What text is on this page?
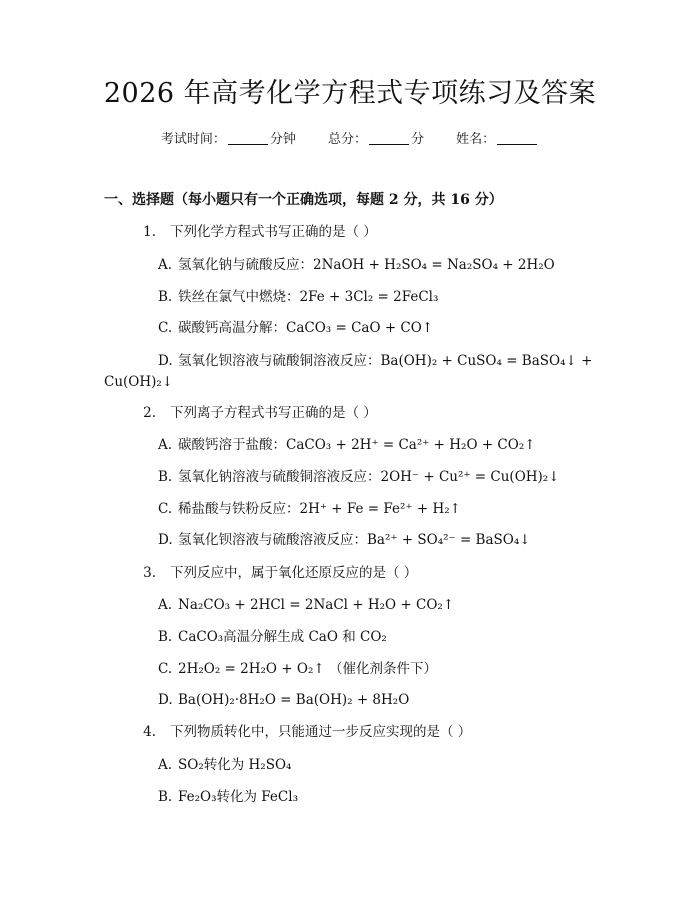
2026 年高考化学方程式专项练习及答案
考试时间：	分钟 总分：	分 姓名：
一、选择题（每小题只有一个正确选项，每题 2 分，共 16 分）
1. 下列化学方程式书写正确的是（ ）
A. 氢氧化钠与硫酸反应：2NaOH + H₂SO₄ = Na₂SO₄ + 2H₂O
B. 铁丝在氯气中燃烧：2Fe + 3Cl₂ = 2FeCl₃
C. 碳酸钙高温分解：CaCO₃ = CaO + CO↑
D. 氢氧化钡溶液与硫酸铜溶液反应：Ba(OH)₂ + CuSO₄ = BaSO₄↓ +
Cu(OH)₂↓
2. 下列离子方程式书写正确的是（ ）
A. 碳酸钙溶于盐酸：CaCO₃ + 2H⁺ = Ca²⁺ + H₂O + CO₂↑
B. 氢氧化钠溶液与硫酸铜溶液反应：2OH⁻ + Cu²⁺ = Cu(OH)₂↓
C. 稀盐酸与铁粉反应：2H⁺ + Fe = Fe²⁺ + H₂↑
D. 氢氧化钡溶液与硫酸溶液反应：Ba²⁺ + SO₄²⁻ = BaSO₄↓
3. 下列反应中，属于氧化还原反应的是（ ）
A. Na₂CO₃ + 2HCl = 2NaCl + H₂O + CO₂↑
B. CaCO₃高温分解生成 CaO 和 CO₂
C. 2H₂O₂ = 2H₂O + O₂↑ （催化剂条件下）
D. Ba(OH)₂·8H₂O = Ba(OH)₂ + 8H₂O
4. 下列物质转化中，只能通过一步反应实现的是（ ）
A. SO₂转化为 H₂SO₄
B. Fe₂O₃转化为 FeCl₃
